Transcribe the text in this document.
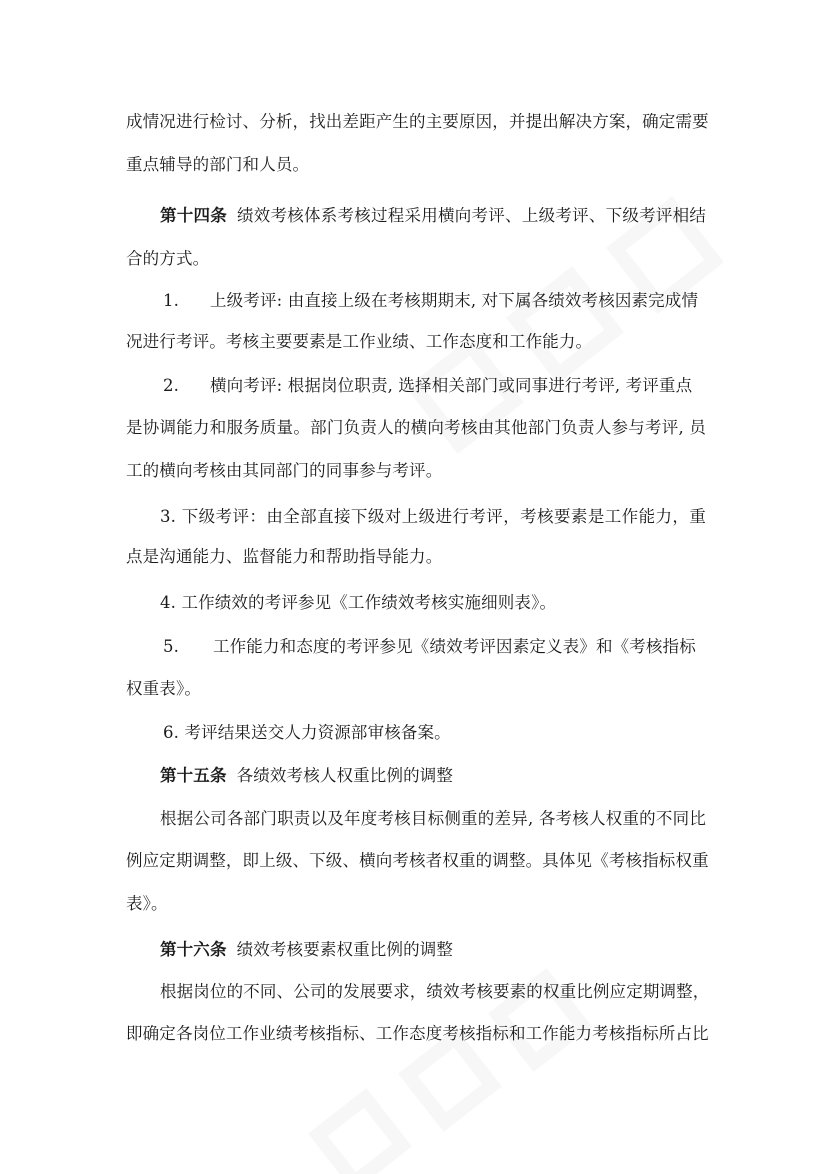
成情况进行检讨、分析，找出差距产生的主要原因，并提出解决方案，确定需要
重点辅导的部门和人员。
第十四条 绩效考核体系考核过程采用横向考评、上级考评、下级考评相结
合的方式。
1. 上级考评: 由直接上级在考核期期末, 对下属各绩效考核因素完成情
况进行考评。考核主要要素是工作业绩、工作态度和工作能力。
2. 横向考评: 根据岗位职责, 选择相关部门或同事进行考评, 考评重点
是协调能力和服务质量。部门负责人的横向考核由其他部门负责人参与考评, 员
工的横向考核由其同部门的同事参与考评。
3. 下级考评：由全部直接下级对上级进行考评，考核要素是工作能力，重
点是沟通能力、监督能力和帮助指导能力。
4. 工作绩效的考评参见《工作绩效考核实施细则表》。
5. 工作能力和态度的考评参见《绩效考评因素定义表》和《考核指标
权重表》。
6. 考评结果送交人力资源部审核备案。
第十五条 各绩效考核人权重比例的调整
根据公司各部门职责以及年度考核目标侧重的差异, 各考核人权重的不同比
例应定期调整，即上级、下级、横向考核者权重的调整。具体见《考核指标权重
表》。
第十六条 绩效考核要素权重比例的调整
根据岗位的不同、公司的发展要求，绩效考核要素的权重比例应定期调整，
即确定各岗位工作业绩考核指标、工作态度考核指标和工作能力考核指标所占比
